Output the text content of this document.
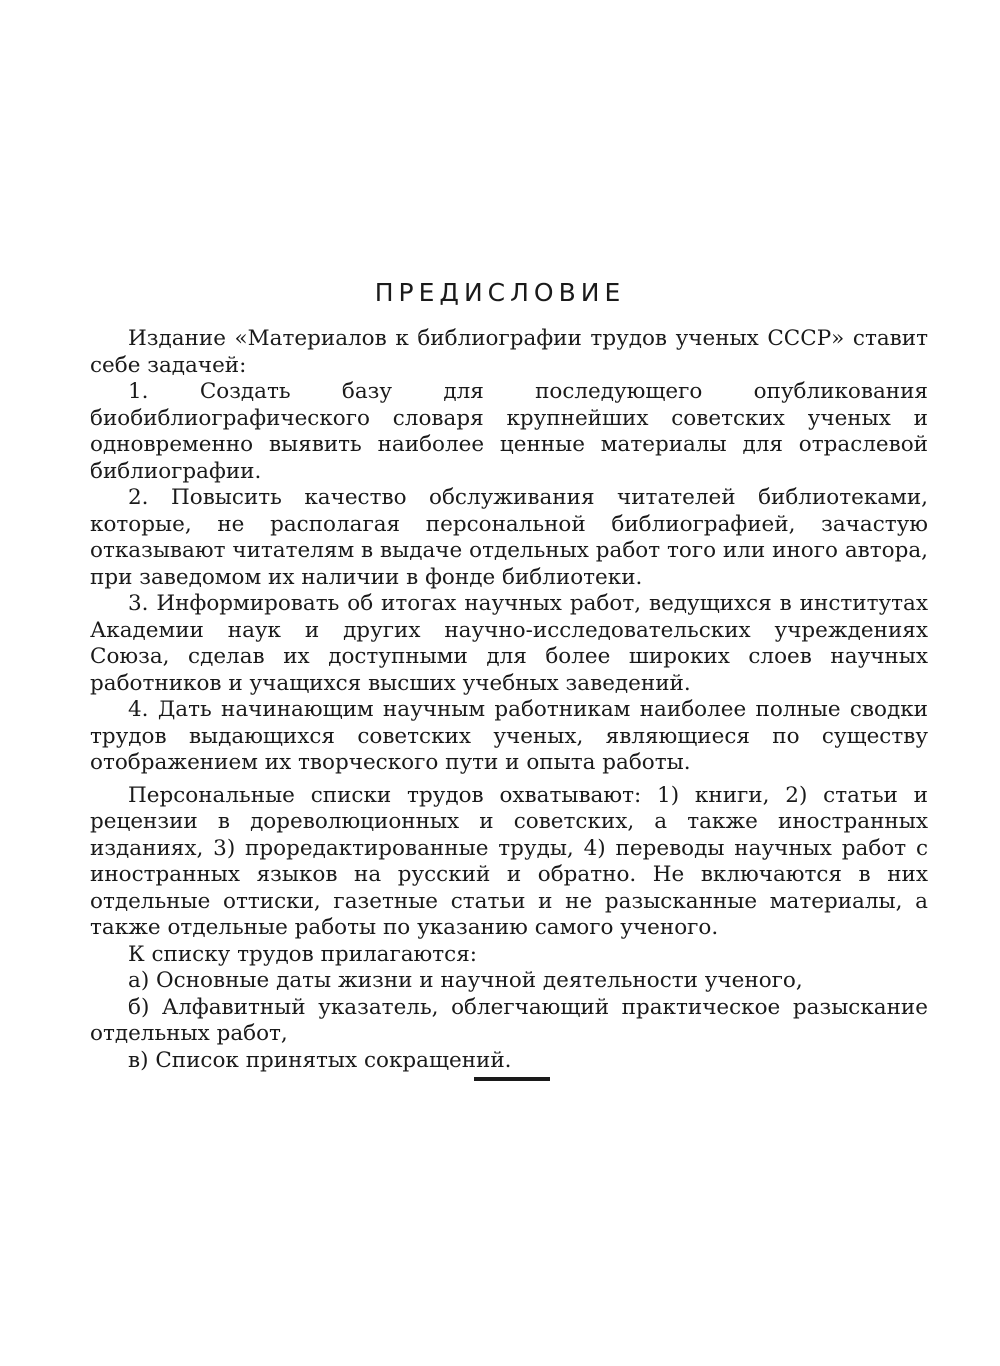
ПРЕДИСЛОВИЕ

Издание «Материалов к библиографии трудов ученых СССР» ставит себе задачей:

1. Создать базу для последующего опубликования биобиблиографического словаря крупнейших советских ученых и одновременно выявить наиболее ценные материалы для отраслевой библиографии.

2. Повысить качество обслуживания читателей библиотеками, которые, не располагая персональной библиографией, зачастую отказывают читателям в выдаче отдельных работ того или иного автора, при заведомом их наличии в фонде библиотеки.

3. Информировать об итогах научных работ, ведущихся в институтах Академии наук и других научно-исследовательских учреждениях Союза, сделав их доступными для более широких слоев научных работников и учащихся высших учебных заведений.

4. Дать начинающим научным работникам наиболее полные сводки трудов выдающихся советских ученых, являющиеся по существу отображением их творческого пути и опыта работы.

Персональные списки трудов охватывают: 1) книги, 2) статьи и рецензии в дореволюционных и советских, а также иностранных изданиях, 3) проредактированные труды, 4) переводы научных работ с иностранных языков на русский и обратно. Не включаются в них отдельные оттиски, газетные статьи и не разысканные материалы, а также отдельные работы по указанию самого ученого.

К списку трудов прилагаются:

а) Основные даты жизни и научной деятельности ученого,

б) Алфавитный указатель, облегчающий практическое разыскание отдельных работ,

в) Список принятых сокращений.
